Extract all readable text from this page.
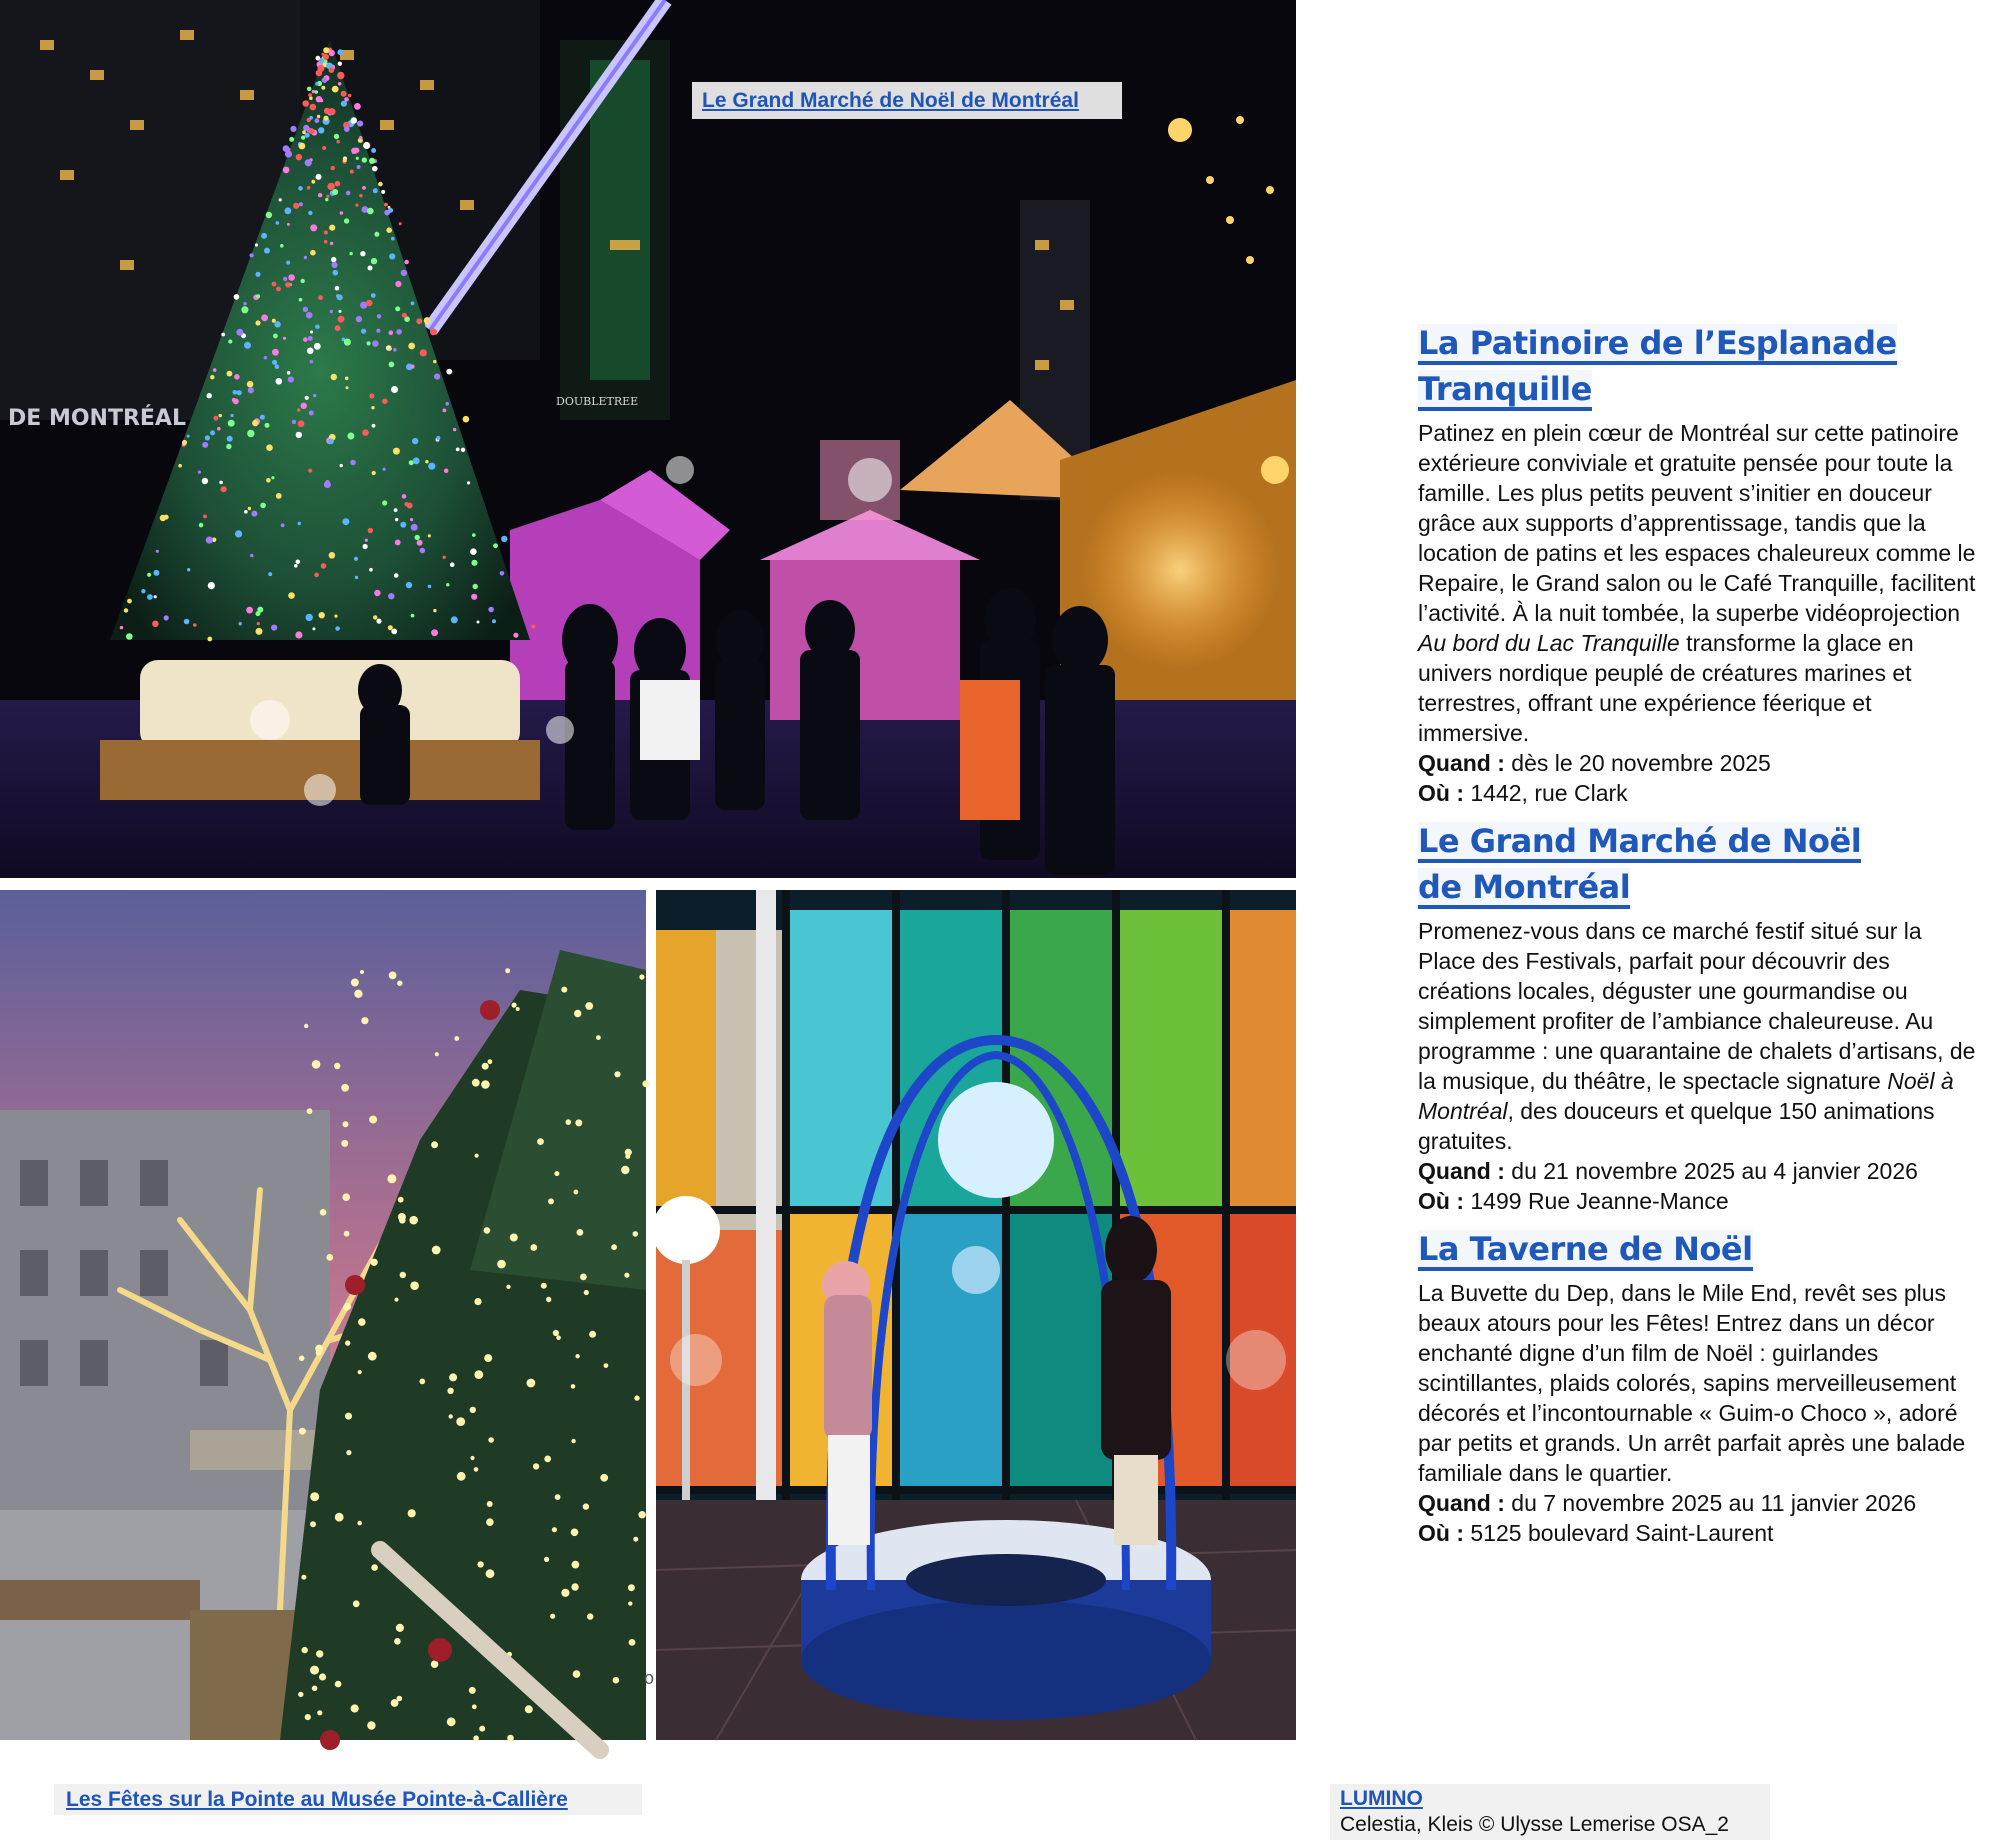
DE MONTRÉAL
DOUBLETREE
Le Grand Marché de Noël de Montréal
Les Fêtes sur la Pointe au Musée Pointe-à-Callière	LUMINO
Celestia, Kleis © Ulysse Lemerise OSA_2
o
La Patinoire de l’Esplanade
Tranquille

Patinez en plein cœur de Montréal sur cette patinoire extérieure conviviale et gratuite pensée pour toute la famille. Les plus petits peuvent s’initier en douceur grâce aux supports d’apprentissage, tandis que la location de patins et les espaces chaleureux comme le Repaire, le Grand salon ou le Café Tranquille, facilitent l’activité. À la nuit tombée, la superbe vidéoprojection Au bord du Lac Tranquille transforme la glace en univers nordique peuplé de créatures marines et terrestres, offrant une expérience féerique et immersive.

Quand : dès le 20 novembre 2025
Où : 1442, rue Clark
Le Grand Marché de Noël
de Montréal

Promenez-vous dans ce marché festif situé sur la Place des Festivals, parfait pour découvrir des créations locales, déguster une gourmandise ou simplement profiter de l’ambiance chaleureuse. Au programme : une quarantaine de chalets d’artisans, de la musique, du théâtre, le spectacle signature Noël à Montréal, des douceurs et quelque 150 animations gratuites.

Quand : du 21 novembre 2025 au 4 janvier 2026
Où : 1499 Rue Jeanne-Mance
La Taverne de Noël

La Buvette du Dep, dans le Mile End, revêt ses plus beaux atours pour les Fêtes! Entrez dans un décor enchanté digne d’un film de Noël : guirlandes scintillantes, plaids colorés, sapins merveilleusement décorés et l’incontournable « Guim-o Choco », adoré par petits et grands. Un arrêt parfait après une balade familiale dans le quartier.

Quand : du 7 novembre 2025 au 11 janvier 2026
Où : 5125 boulevard Saint-Laurent
